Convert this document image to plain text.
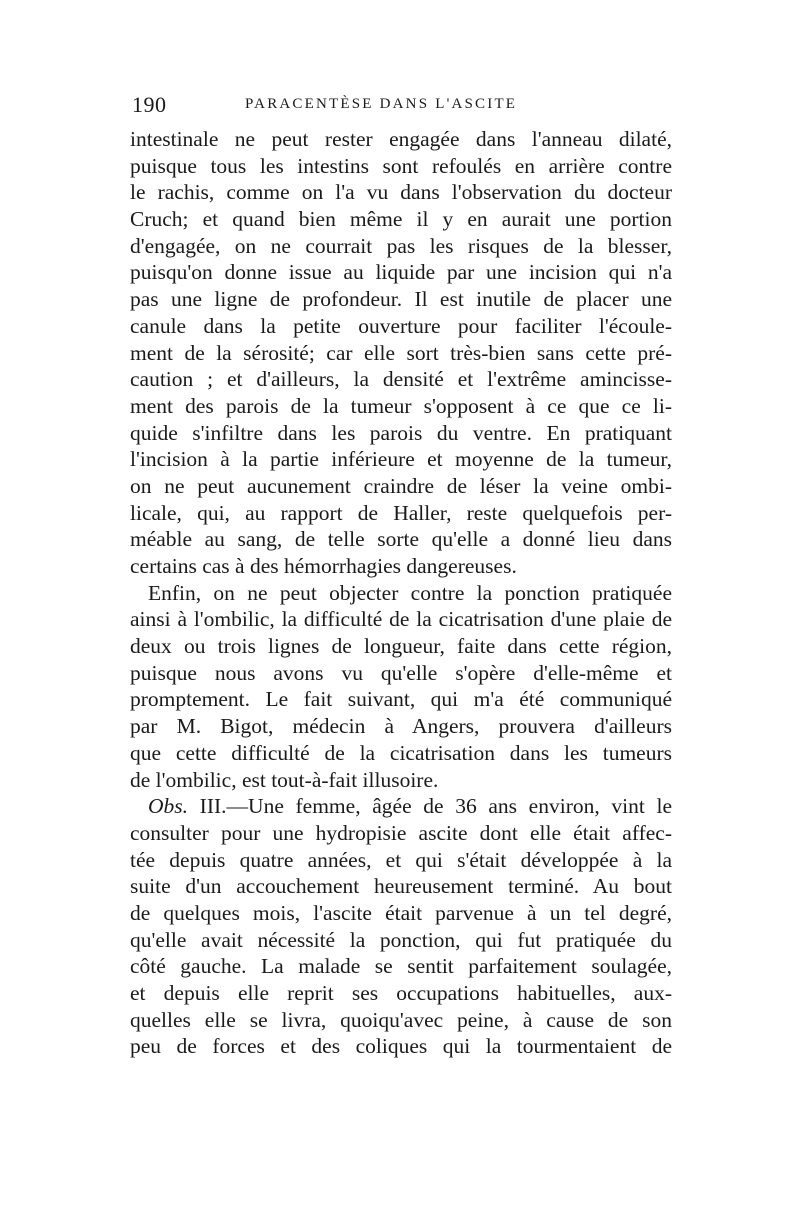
190	PARACENTÈSE DANS L'ASCITE
intestinale ne peut rester engagée dans l'anneau dilaté,
puisque tous les intestins sont refoulés en arrière contre
le rachis, comme on l'a vu dans l'observation du docteur
Cruch; et quand bien même il y en aurait une portion
d'engagée, on ne courrait pas les risques de la blesser,
puisqu'on donne issue au liquide par une incision qui n'a
pas une ligne de profondeur. Il est inutile de placer une
canule dans la petite ouverture pour faciliter l'écoule-
ment de la sérosité; car elle sort très-bien sans cette pré-
caution ; et d'ailleurs, la densité et l'extrême amincisse-
ment des parois de la tumeur s'opposent à ce que ce li-
quide s'infiltre dans les parois du ventre. En pratiquant
l'incision à la partie inférieure et moyenne de la tumeur,
on ne peut aucunement craindre de léser la veine ombi-
licale, qui, au rapport de Haller, reste quelquefois per-
méable au sang, de telle sorte qu'elle a donné lieu dans
certains cas à des hémorrhagies dangereuses.
Enfin, on ne peut objecter contre la ponction pratiquée
ainsi à l'ombilic, la difficulté de la cicatrisation d'une plaie de
deux ou trois lignes de longueur, faite dans cette région,
puisque nous avons vu qu'elle s'opère d'elle-même et
promptement. Le fait suivant, qui m'a été communiqué
par M. Bigot, médecin à Angers, prouvera d'ailleurs
que cette difficulté de la cicatrisation dans les tumeurs
de l'ombilic, est tout-à-fait illusoire.
Obs. III.—Une femme, âgée de 36 ans environ, vint le
consulter pour une hydropisie ascite dont elle était affec-
tée depuis quatre années, et qui s'était développée à la
suite d'un accouchement heureusement terminé. Au bout
de quelques mois, l'ascite était parvenue à un tel degré,
qu'elle avait nécessité la ponction, qui fut pratiquée du
côté gauche. La malade se sentit parfaitement soulagée,
et depuis elle reprit ses occupations habituelles, aux-
quelles elle se livra, quoiqu'avec peine, à cause de son
peu de forces et des coliques qui la tourmentaient de
